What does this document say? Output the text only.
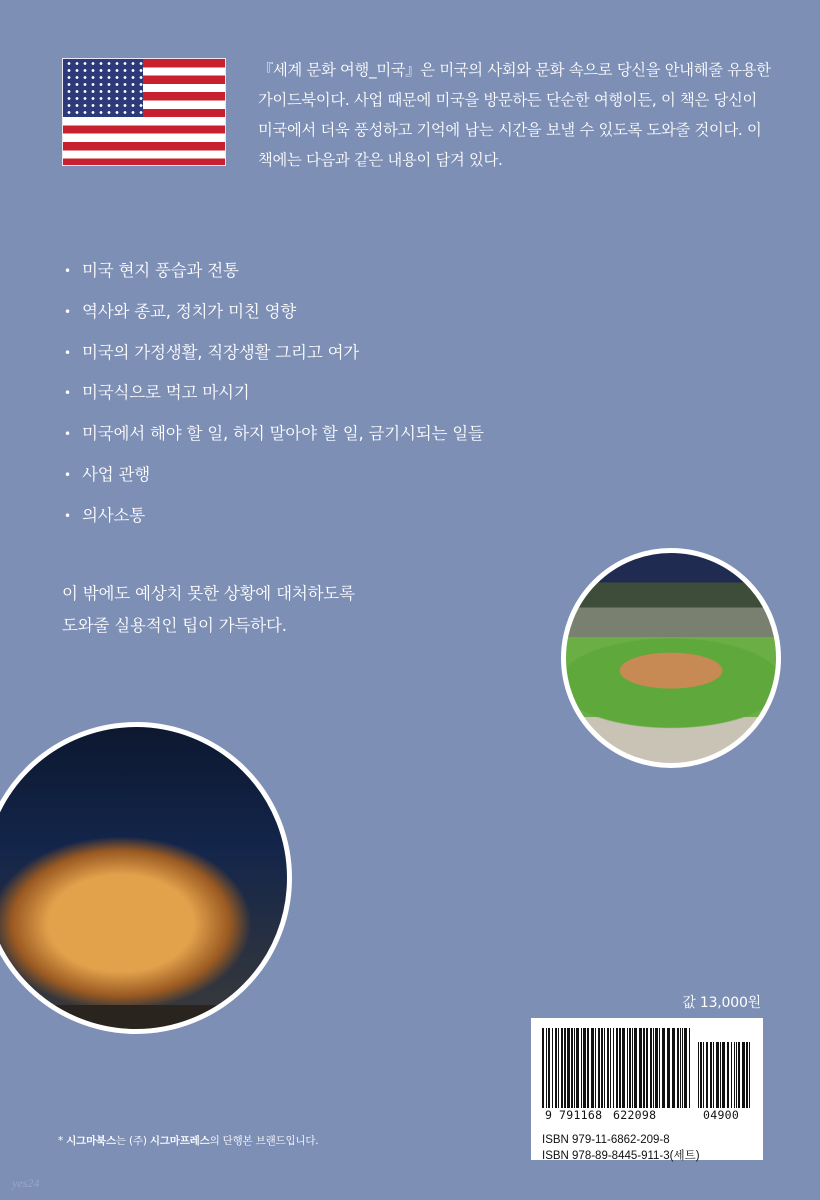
『세계 문화 여행_미국』은 미국의 사회와 문화 속으로 당신을 안내해줄 유용한 가이드북이다. 사업 때문에 미국을 방문하든 단순한 여행이든, 이 책은 당신이 미국에서 더욱 풍성하고 기억에 남는 시간을 보낼 수 있도록 도와줄 것이다. 이 책에는 다음과 같은 내용이 담겨 있다.

• 미국 현지 풍습과 전통
• 역사와 종교, 정치가 미친 영향
• 미국의 가정생활, 직장생활 그리고 여가
• 미국식으로 먹고 마시기
• 미국에서 해야 할 일, 하지 말아야 할 일, 금기시되는 일들
• 사업 관행
• 의사소통
이 밖에도 예상치 못한 상황에 대처하도록
도와줄 실용적인 팁이 가득하다.
값 13,000원
9 791168 622098	04900
ISBN 979-11-6862-209-8
ISBN 978-89-8445-911-3(세트)
* 시그마북스는 (주) 시그마프레스의 단행본 브랜드입니다.
yes24
